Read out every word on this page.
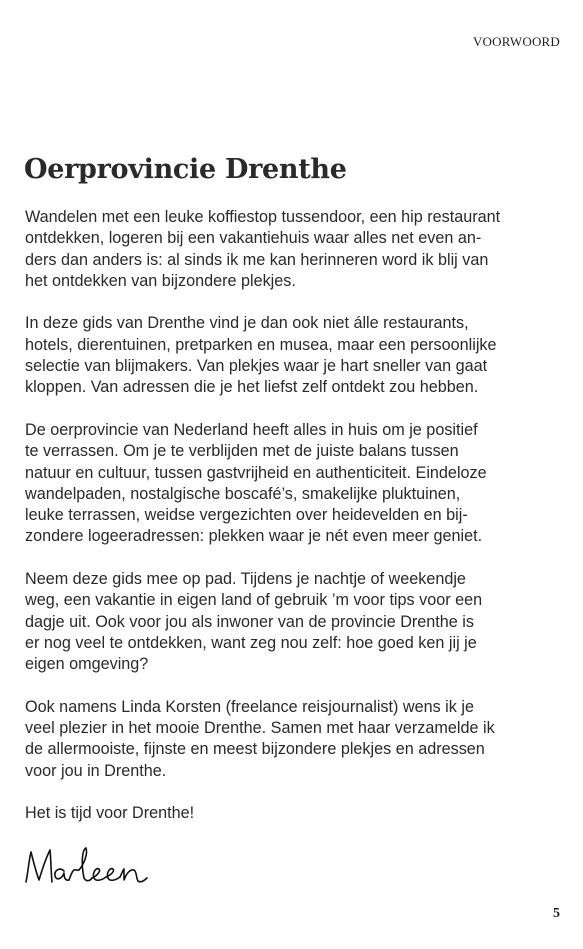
VOORWOORD
Oerprovincie Drenthe

Wandelen met een leuke koffiestop tussendoor, een hip restaurant
ontdekken, logeren bij een vakantiehuis waar alles net even an-
ders dan anders is: al sinds ik me kan herinneren word ik blij van
het ontdekken van bijzondere plekjes.

In deze gids van Drenthe vind je dan ook niet álle restaurants,
hotels, dierentuinen, pretparken en musea, maar een persoonlijke
selectie van blijmakers. Van plekjes waar je hart sneller van gaat
kloppen. Van adressen die je het liefst zelf ontdekt zou hebben.

De oerprovincie van Nederland heeft alles in huis om je positief
te verrassen. Om je te verblijden met de juiste balans tussen
natuur en cultuur, tussen gastvrijheid en authenticiteit. Eindeloze
wandelpaden, nostalgische boscafé’s, smakelijke pluktuinen,
leuke terrassen, weidse vergezichten over heidevelden en bij-
zondere logeeradressen: plekken waar je nét even meer geniet.

Neem deze gids mee op pad. Tijdens je nachtje of weekendje
weg, een vakantie in eigen land of gebruik ’m voor tips voor een
dagje uit. Ook voor jou als inwoner van de provincie Drenthe is
er nog veel te ontdekken, want zeg nou zelf: hoe goed ken jij je
eigen omgeving?

Ook namens Linda Korsten (freelance reisjournalist) wens ik je
veel plezier in het mooie Drenthe. Samen met haar verzamelde ik
de allermooiste, fijnste en meest bijzondere plekjes en adressen
voor jou in Drenthe.

Het is tijd voor Drenthe!

5
